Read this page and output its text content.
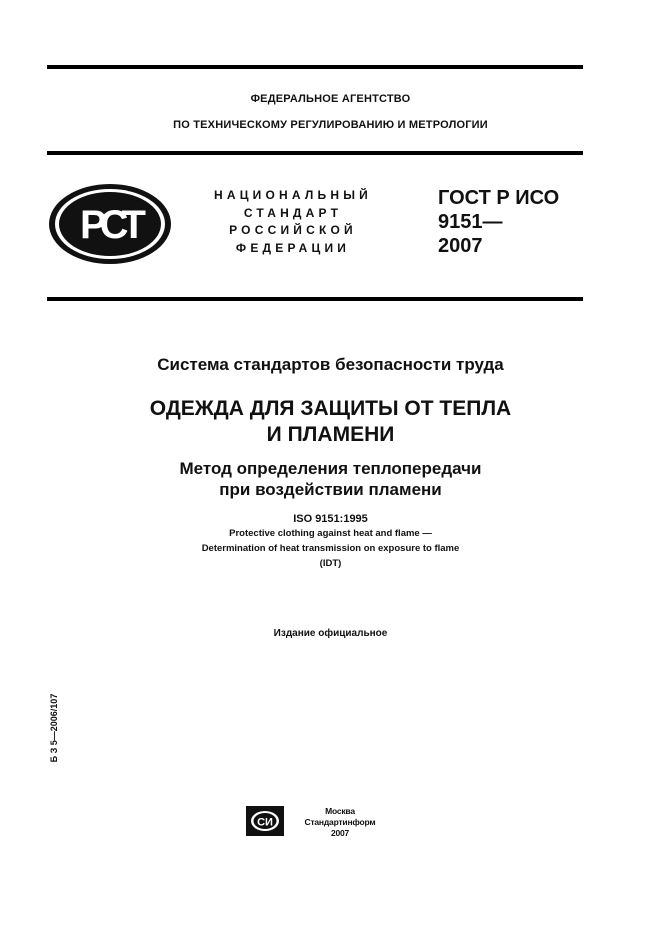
ФЕДЕРАЛЬНОЕ АГЕНТСТВО
ПО ТЕХНИЧЕСКОМУ РЕГУЛИРОВАНИЮ И МЕТРОЛОГИИ
РСТ
НАЦИОНАЛЬНЫЙ
СТАНДАРТ
РОССИЙСКОЙ
ФЕДЕРАЦИИ
ГОСТ Р ИСО
9151—
2007
Система стандартов безопасности труда
ОДЕЖДА ДЛЯ ЗАЩИТЫ ОТ ТЕПЛА
И ПЛАМЕНИ
Метод определения теплопередачи
при воздействии пламени
ISO 9151:1995
Protective clothing against heat and flame —
Determination of heat transmission on exposure to flame
(IDT)
Издание официальное
Б З 5—2006/107
СИ
Москва
Стандартинформ
2007
